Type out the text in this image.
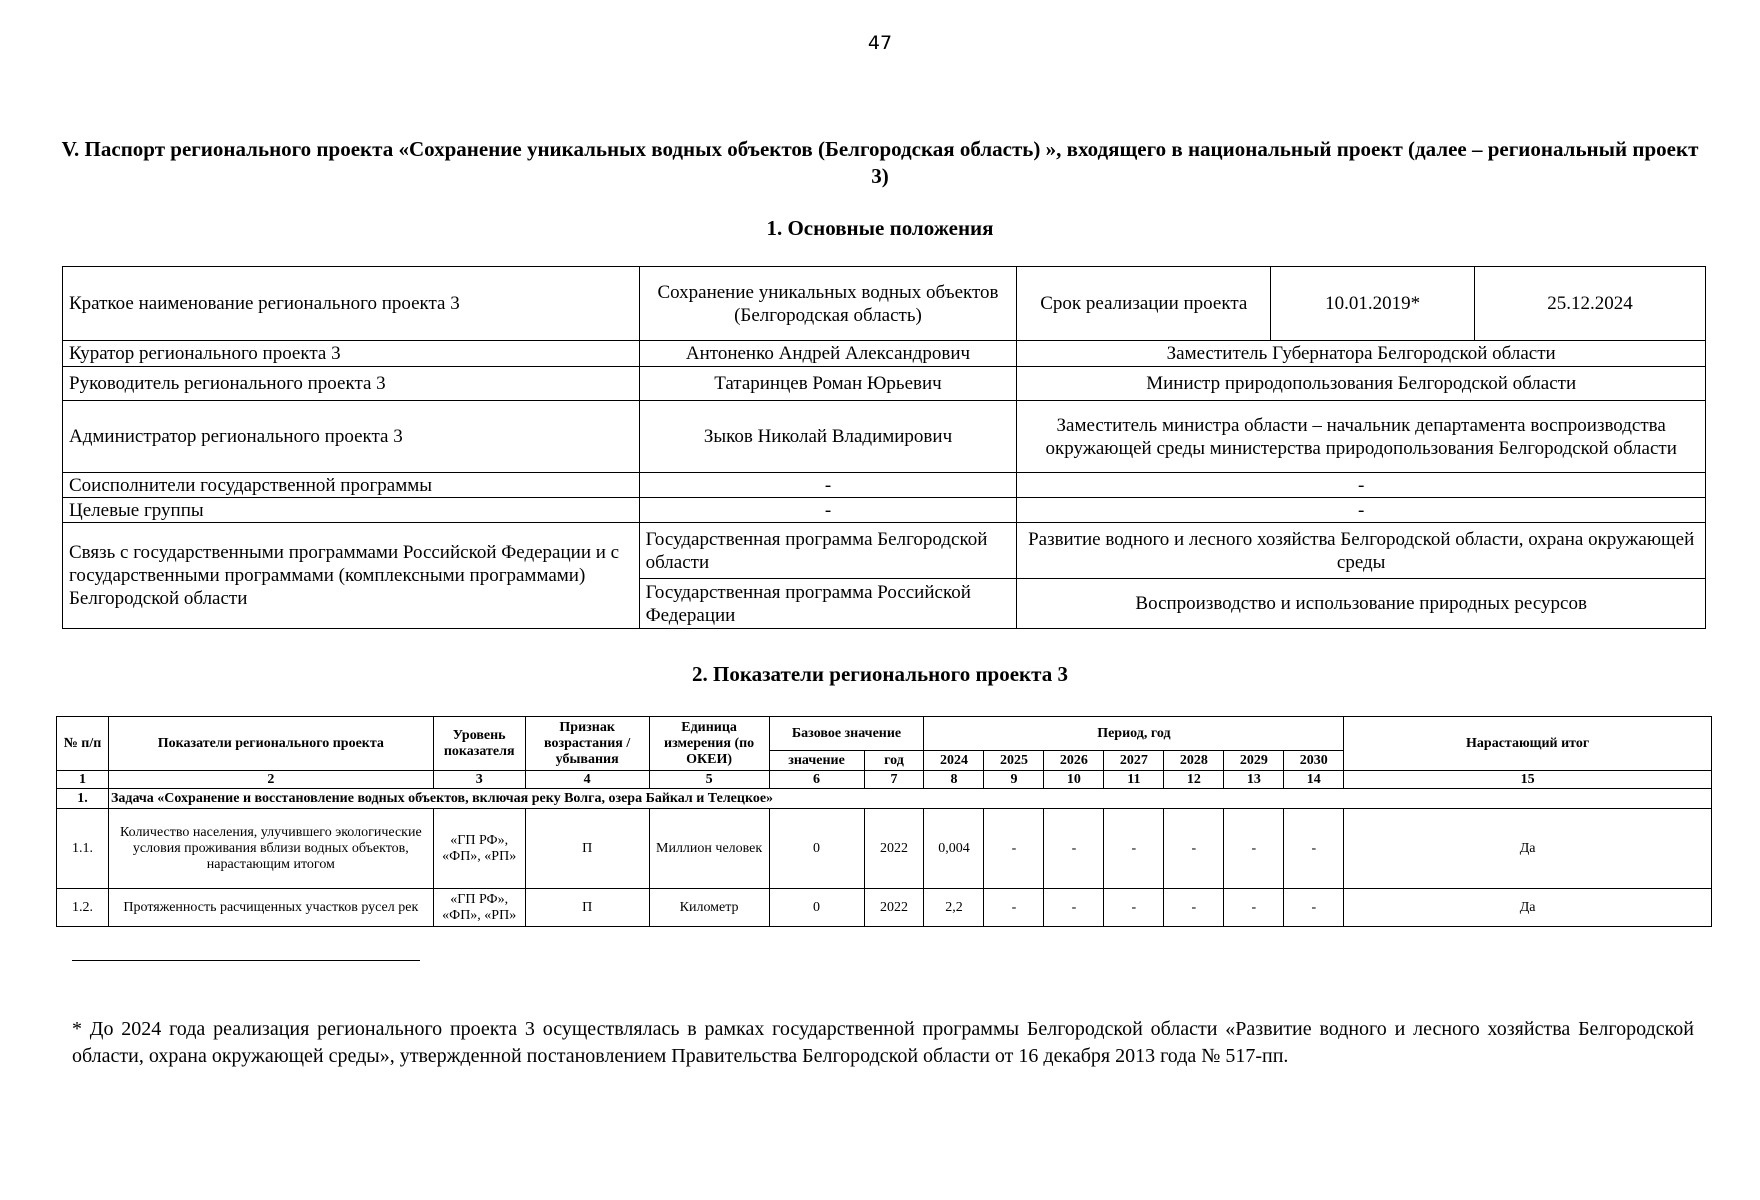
47
V. Паспорт регионального проекта «Сохранение уникальных водных объектов (Белгородская область) », входящего в национальный проект (далее – региональный проект 3)
1. Основные положения
Краткое наименование регионального проекта 3	Сохранение уникальных водных объектов (Белгородская область)	Срок реализации проекта	10.01.2019*	25.12.2024
Куратор регионального проекта 3	Антоненко Андрей Александрович	Заместитель Губернатора Белгородской области		
Руководитель регионального проекта 3	Татаринцев Роман Юрьевич	Министр природопользования Белгородской области		
Администратор регионального проекта 3	Зыков Николай Владимирович	Заместитель министра области – начальник департамента воспроизводства окружающей среды министерства природопользования Белгородской области		
Соисполнители государственной программы	-	-		
Целевые группы	-	-		
Связь с государственными программами Российской Федерации и с государственными программами (комплексными программами) Белгородской области	Государственная программа Белгородской области	Развитие водного и лесного хозяйства Белгородской области, охрана окружающей среды		
	Государственная программа Российской Федерации	Воспроизводство и использование природных ресурсов		
2. Показатели регионального проекта 3
№ п/п	Показатели регионального проекта	Уровень показателя	Признак возрастания / убывания	Единица измерения (по ОКЕИ)	Базовое значение		Период, год							Нарастающий итог
					значение	год	2024	2025	2026	2027	2028	2029	2030	
1	2	3	4	5	6	7	8	9	10	11	12	13	14	15
1.	Задача «Сохранение и восстановление водных объектов, включая реку Волга, озера Байкал и Телецкое»													
1.1.	Количество населения, улучившего экологические условия проживания вблизи водных объектов, нарастающим итогом	«ГП РФ», «ФП», «РП»	П	Миллион человек	0	2022	0,004	-	-	-	-	-	-	Да
1.2.	Протяженность расчищенных участков русел рек	«ГП РФ», «ФП», «РП»	П	Километр	0	2022	2,2	-	-	-	-	-	-	Да
* До 2024 года реализация регионального проекта 3 осуществлялась в рамках государственной программы Белгородской области «Развитие водного и лесного хозяйства Белгородской области, охрана окружающей среды», утвержденной постановлением Правительства Белгородской области от 16 декабря 2013 года № 517-пп.
